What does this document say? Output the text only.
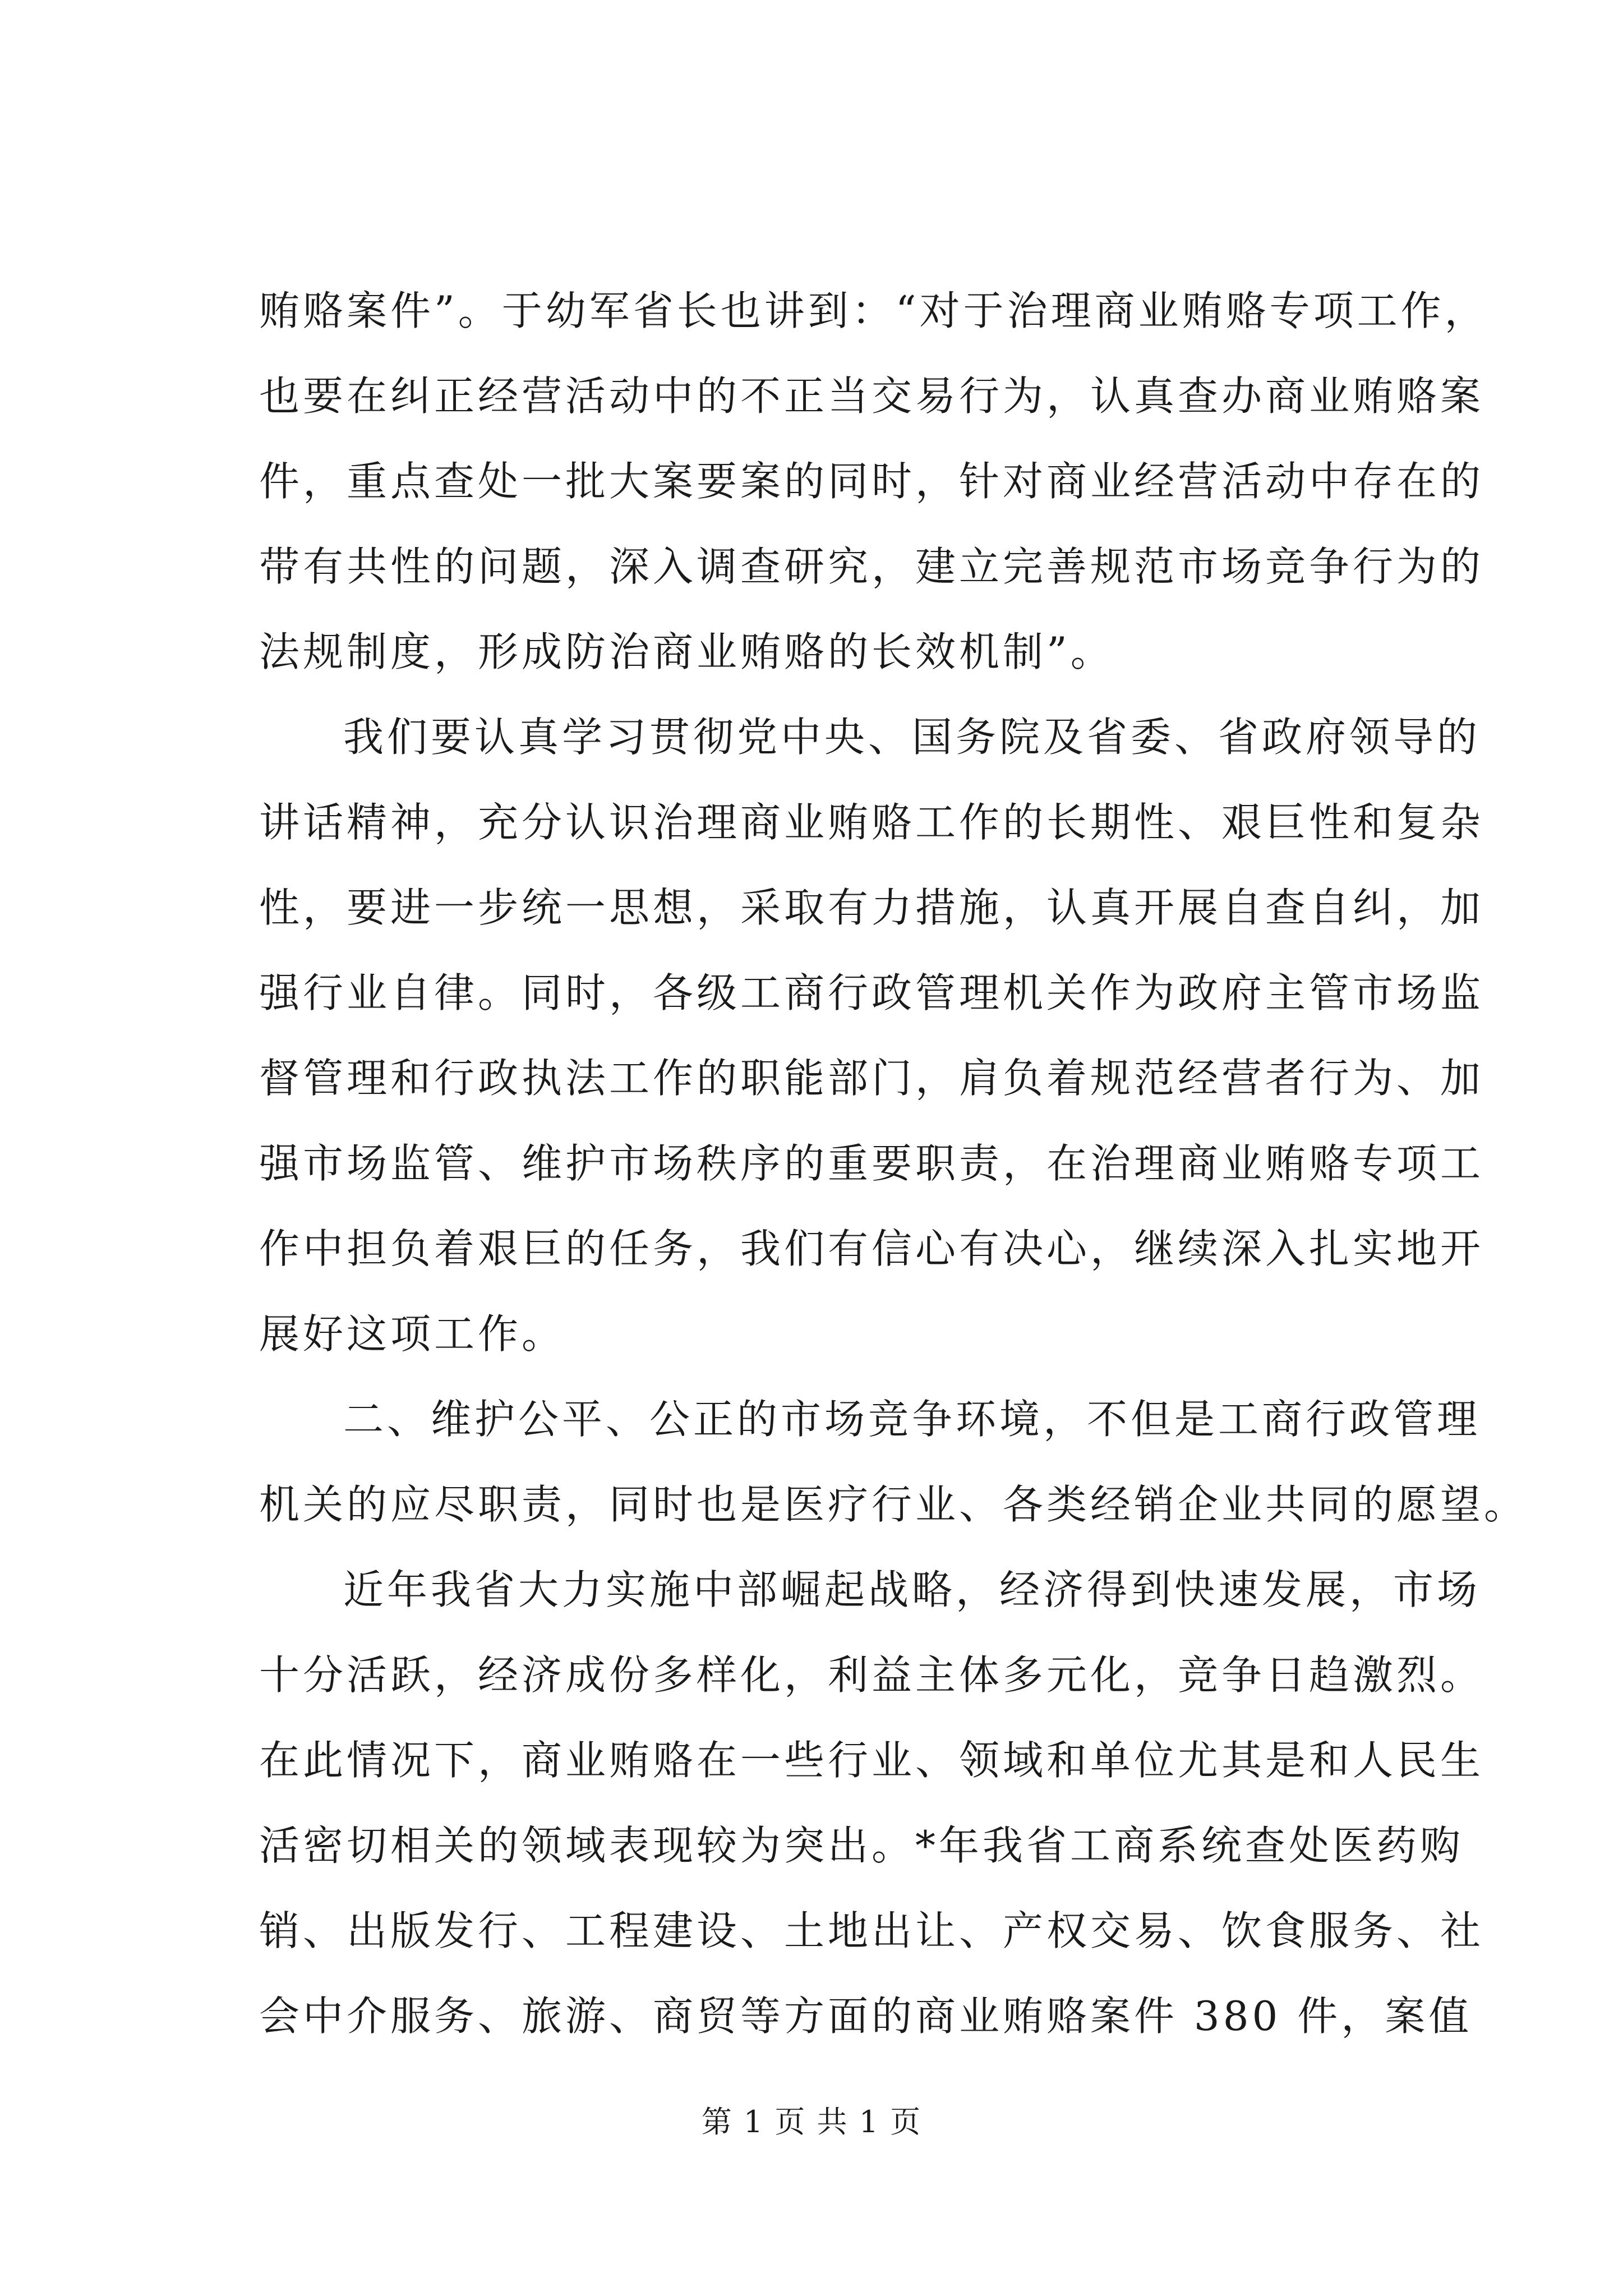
贿赂案件”。于幼军省长也讲到：“对于治理商业贿赂专项工作，
也要在纠正经营活动中的不正当交易行为，认真查办商业贿赂案
件，重点查处一批大案要案的同时，针对商业经营活动中存在的
带有共性的问题，深入调查研究，建立完善规范市场竞争行为的
法规制度，形成防治商业贿赂的长效机制”。
我们要认真学习贯彻党中央、国务院及省委、省政府领导的
讲话精神，充分认识治理商业贿赂工作的长期性、艰巨性和复杂
性，要进一步统一思想，采取有力措施，认真开展自查自纠，加
强行业自律。同时，各级工商行政管理机关作为政府主管市场监
督管理和行政执法工作的职能部门，肩负着规范经营者行为、加
强市场监管、维护市场秩序的重要职责，在治理商业贿赂专项工
作中担负着艰巨的任务，我们有信心有决心，继续深入扎实地开
展好这项工作。
二、维护公平、公正的市场竞争环境，不但是工商行政管理
机关的应尽职责，同时也是医疗行业、各类经销企业共同的愿望。
近年我省大力实施中部崛起战略，经济得到快速发展，市场
十分活跃，经济成份多样化，利益主体多元化，竞争日趋激烈。
在此情况下，商业贿赂在一些行业、领域和单位尤其是和人民生
活密切相关的领域表现较为突出。*年我省工商系统查处医药购
销、出版发行、工程建设、土地出让、产权交易、饮食服务、社
会中介服务、旅游、商贸等方面的商业贿赂案件 380 件，案值
第 1 页 共 1 页
